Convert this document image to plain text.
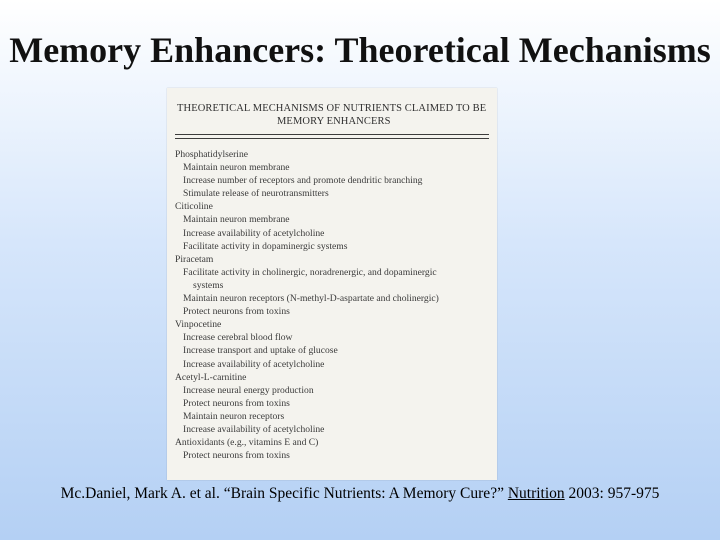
Memory Enhancers: Theoretical Mechanisms
THEORETICAL MECHANISMS OF NUTRIENTS CLAIMED TO BE
MEMORY ENHANCERS
Phosphatidylserine
Maintain neuron membrane
Increase number of receptors and promote dendritic branching
Stimulate release of neurotransmitters
Citicoline
Maintain neuron membrane
Increase availability of acetylcholine
Facilitate activity in dopaminergic systems
Piracetam
Facilitate activity in cholinergic, noradrenergic, and dopaminergic
systems
Maintain neuron receptors (N-methyl-D-aspartate and cholinergic)
Protect neurons from toxins
Vinpocetine
Increase cerebral blood flow
Increase transport and uptake of glucose
Increase availability of acetylcholine
Acetyl-L-carnitine
Increase neural energy production
Protect neurons from toxins
Maintain neuron receptors
Increase availability of acetylcholine
Antioxidants (e.g., vitamins E and C)
Protect neurons from toxins
Mc.Daniel, Mark A. et al. “Brain Specific Nutrients: A Memory Cure?” Nutrition 2003: 957-975
